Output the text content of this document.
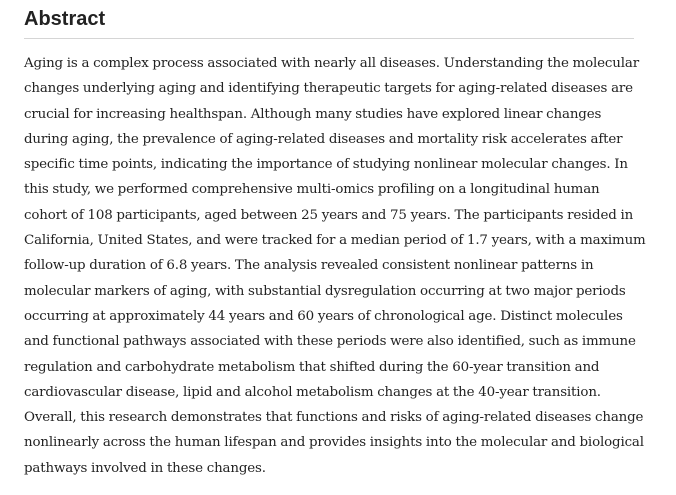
Abstract

Aging is a complex process associated with nearly all diseases. Understanding the molecular
changes underlying aging and identifying therapeutic targets for aging-related diseases are
crucial for increasing healthspan. Although many studies have explored linear changes
during aging, the prevalence of aging-related diseases and mortality risk accelerates after
specific time points, indicating the importance of studying nonlinear molecular changes. In
this study, we performed comprehensive multi-omics profiling on a longitudinal human
cohort of 108 participants, aged between 25 years and 75 years. The participants resided in
California, United States, and were tracked for a median period of 1.7 years, with a maximum
follow-up duration of 6.8 years. The analysis revealed consistent nonlinear patterns in
molecular markers of aging, with substantial dysregulation occurring at two major periods
occurring at approximately 44 years and 60 years of chronological age. Distinct molecules
and functional pathways associated with these periods were also identified, such as immune
regulation and carbohydrate metabolism that shifted during the 60-year transition and
cardiovascular disease, lipid and alcohol metabolism changes at the 40-year transition.
Overall, this research demonstrates that functions and risks of aging-related diseases change
nonlinearly across the human lifespan and provides insights into the molecular and biological
pathways involved in these changes.
